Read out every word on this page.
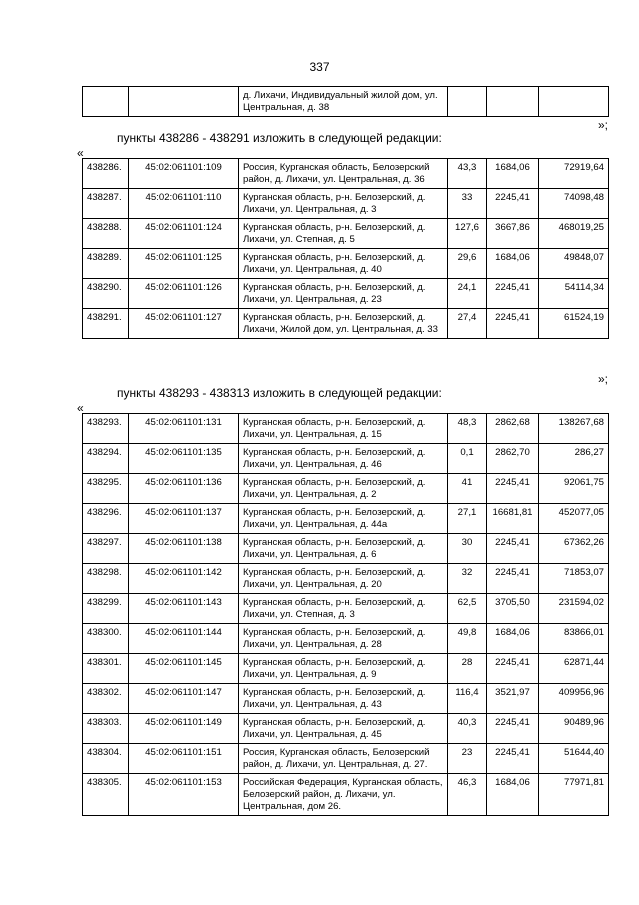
337
		д. Лихачи, Индивидуальный жилой дом, ул. Центральная, д. 38			
»;
пункты 438286 - 438291 изложить в следующей редакции:
«
438286.	45:02:061101:109	Россия, Курганская область, Белозерский район, д. Лихачи, ул. Центральная, д. 36	43,3	1684,06	72919,64
438287.	45:02:061101:110	Курганская область, р-н. Белозерский, д. Лихачи, ул. Центральная, д. 3	33	2245,41	74098,48
438288.	45:02:061101:124	Курганская область, р-н. Белозерский, д. Лихачи, ул. Степная, д. 5	127,6	3667,86	468019,25
438289.	45:02:061101:125	Курганская область, р-н. Белозерский, д. Лихачи, ул. Центральная, д. 40	29,6	1684,06	49848,07
438290.	45:02:061101:126	Курганская область, р-н. Белозерский, д. Лихачи, ул. Центральная, д. 23	24,1	2245,41	54114,34
438291.	45:02:061101:127	Курганская область, р-н. Белозерский, д. Лихачи, Жилой дом, ул. Центральная, д. 33	27,4	2245,41	61524,19
»;
пункты 438293 - 438313 изложить в следующей редакции:
«
438293.	45:02:061101:131	Курганская область, р-н. Белозерский, д. Лихачи, ул. Центральная, д. 15	48,3	2862,68	138267,68
438294.	45:02:061101:135	Курганская область, р-н. Белозерский, д. Лихачи, ул. Центральная, д. 46	0,1	2862,70	286,27
438295.	45:02:061101:136	Курганская область, р-н. Белозерский, д. Лихачи, ул. Центральная, д. 2	41	2245,41	92061,75
438296.	45:02:061101:137	Курганская область, р-н. Белозерский, д. Лихачи, ул. Центральная, д. 44а	27,1	16681,81	452077,05
438297.	45:02:061101:138	Курганская область, р-н. Белозерский, д. Лихачи, ул. Центральная, д. 6	30	2245,41	67362,26
438298.	45:02:061101:142	Курганская область, р-н. Белозерский, д. Лихачи, ул. Центральная, д. 20	32	2245,41	71853,07
438299.	45:02:061101:143	Курганская область, р-н. Белозерский, д. Лихачи, ул. Степная, д. 3	62,5	3705,50	231594,02
438300.	45:02:061101:144	Курганская область, р-н. Белозерский, д. Лихачи, ул. Центральная, д. 28	49,8	1684,06	83866,01
438301.	45:02:061101:145	Курганская область, р-н. Белозерский, д. Лихачи, ул. Центральная, д. 9	28	2245,41	62871,44
438302.	45:02:061101:147	Курганская область, р-н. Белозерский, д. Лихачи, ул. Центральная, д. 43	116,4	3521,97	409956,96
438303.	45:02:061101:149	Курганская область, р-н. Белозерский, д. Лихачи, ул. Центральная, д. 45	40,3	2245,41	90489,96
438304.	45:02:061101:151	Россия, Курганская область, Белозерский район, д. Лихачи, ул. Центральная, д. 27.	23	2245,41	51644,40
438305.	45:02:061101:153	Российская Федерация, Курганская область, Белозерский район, д. Лихачи, ул. Центральная, дом 26.	46,3	1684,06	77971,81
